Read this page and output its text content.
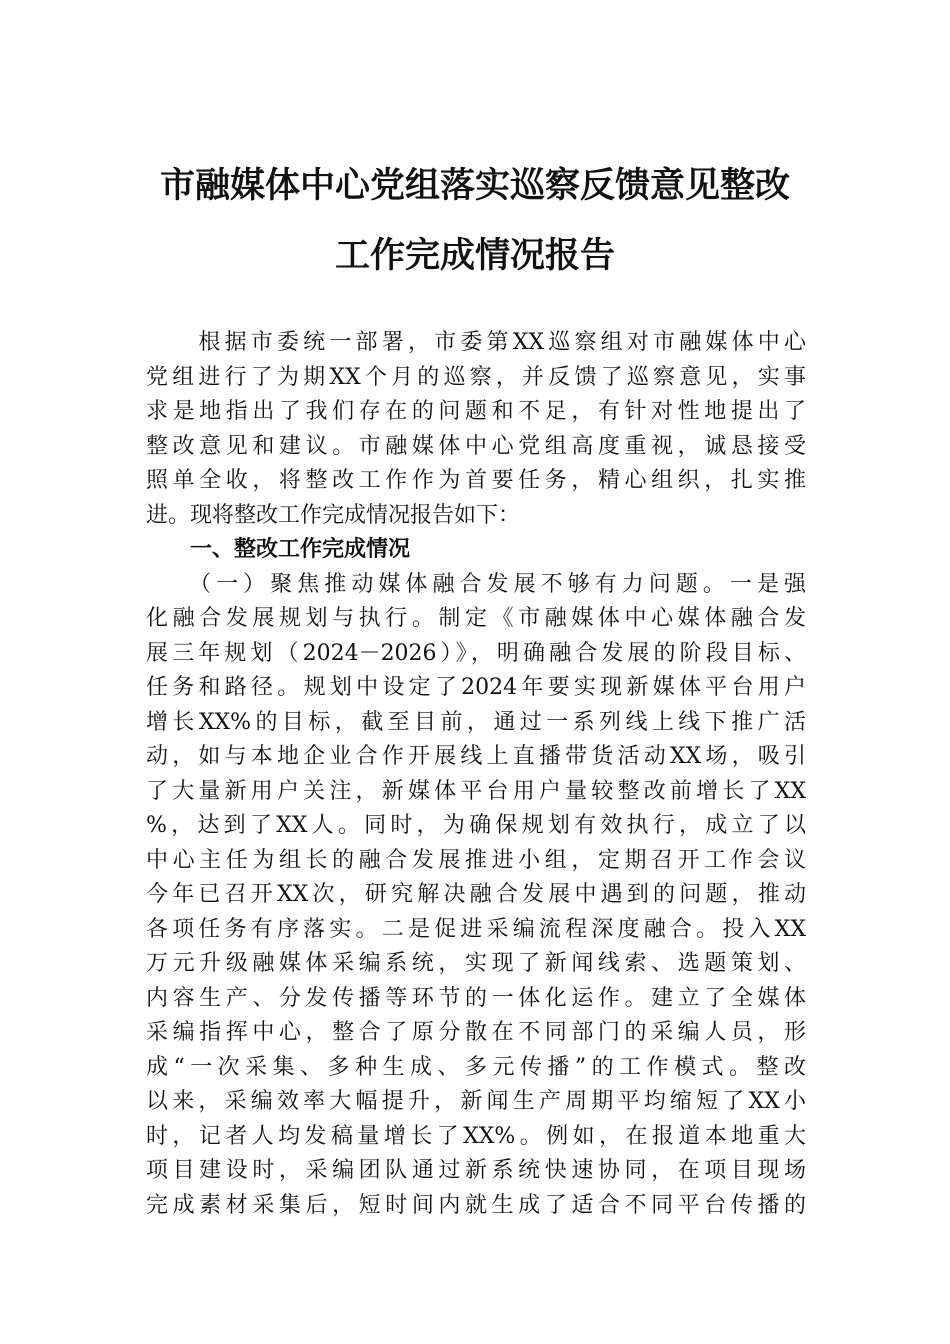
市融媒体中心党组落实巡察反馈意见整改
工作完成情况报告
　　根据市委统一部署，市委第XX巡察组对市融媒体中心
党组进行了为期XX个月的巡察，并反馈了巡察意见，实事
求是地指出了我们存在的问题和不足，有针对性地提出了
整改意见和建议。市融媒体中心党组高度重视，诚恳接受
照单全收，将整改工作作为首要任务，精心组织，扎实推
进。现将整改工作完成情况报告如下：
　　一、整改工作完成情况
　　（一）聚焦推动媒体融合发展不够有力问题。一是强
化融合发展规划与执行。制定《市融媒体中心媒体融合发
展三年规划（2024－2026）》，明确融合发展的阶段目标、
任务和路径。规划中设定了2024年要实现新媒体平台用户
增长XX%的目标，截至目前，通过一系列线上线下推广活
动，如与本地企业合作开展线上直播带货活动XX场，吸引
了大量新用户关注，新媒体平台用户量较整改前增长了XX
%，达到了XX人。同时，为确保规划有效执行，成立了以
中心主任为组长的融合发展推进小组，定期召开工作会议
今年已召开XX次，研究解决融合发展中遇到的问题，推动
各项任务有序落实。二是促进采编流程深度融合。投入XX
万元升级融媒体采编系统，实现了新闻线索、选题策划、
内容生产、分发传播等环节的一体化运作。建立了全媒体
采编指挥中心，整合了原分散在不同部门的采编人员，形
成“一次采集、多种生成、多元传播”的工作模式。整改
以来，采编效率大幅提升，新闻生产周期平均缩短了XX小
时，记者人均发稿量增长了XX%。例如，在报道本地重大
项目建设时，采编团队通过新系统快速协同，在项目现场
完成素材采集后，短时间内就生成了适合不同平台传播的
